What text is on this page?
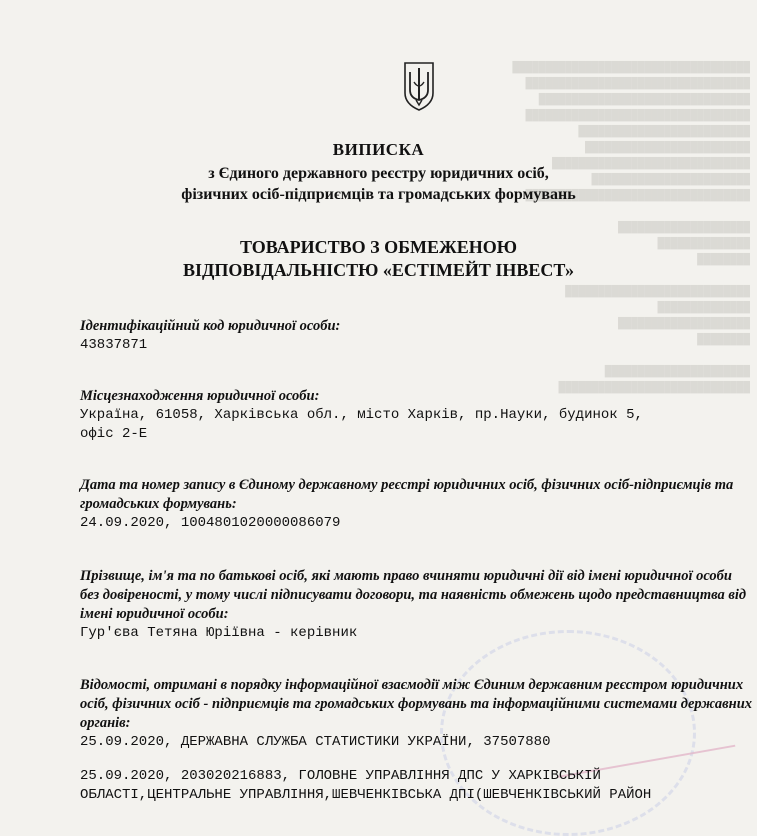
████████████████████████████████████
██████████████████████████████████
████████████████████████████████
██████████████████████████████████
██████████████████████████
█████████████████████████
██████████████████████████████
████████████████████████
██████████████████████████████████

████████████████████
██████████████
████████

████████████████████████████
██████████████
████████████████████
████████

██████████████████████
█████████████████████████████
ВИПИСКА
з Єдиного державного реєстру юридичних осіб,
фізичних осіб-підприємців та громадських формувань
ТОВАРИСТВО З ОБМЕЖЕНОЮ
ВІДПОВІДАЛЬНІСТЮ «ЕСТІМЕЙТ ІНВЕСТ»
Ідентифікаційний код юридичної особи:
43837871
Місцезнаходження юридичної особи:
Україна, 61058, Харківська обл., місто Харків, пр.Науки, будинок 5,
офіс 2-Е
Дата та номер запису в Єдиному державному реєстрі юридичних осіб, фізичних осіб-підприємців та громадських формувань:
24.09.2020, 1004801020000086079
Прізвище, ім'я та по батькові осіб, які мають право вчиняти юридичні дії від імені юридичної особи без довіреності, у тому числі підписувати договори, та наявність обмежень щодо представництва від імені юридичної особи:
Гур'єва Тетяна Юріївна - керівник
Відомості, отримані в порядку інформаційної взаємодії між Єдиним державним реєстром юридичних осіб, фізичних осіб - підприємців та громадських формувань та інформаційними системами державних органів:
25.09.2020, ДЕРЖАВНА СЛУЖБА СТАТИСТИКИ УКРАЇНИ, 37507880
25.09.2020, 203020216883, ГОЛОВНЕ УПРАВЛІННЯ ДПС У ХАРКІВСЬКІЙ
ОБЛАСТІ,ЦЕНТРАЛЬНЕ УПРАВЛІННЯ,ШЕВЧЕНКІВСЬКА ДПІ(ШЕВЧЕНКІВСЬКИЙ РАЙОН
